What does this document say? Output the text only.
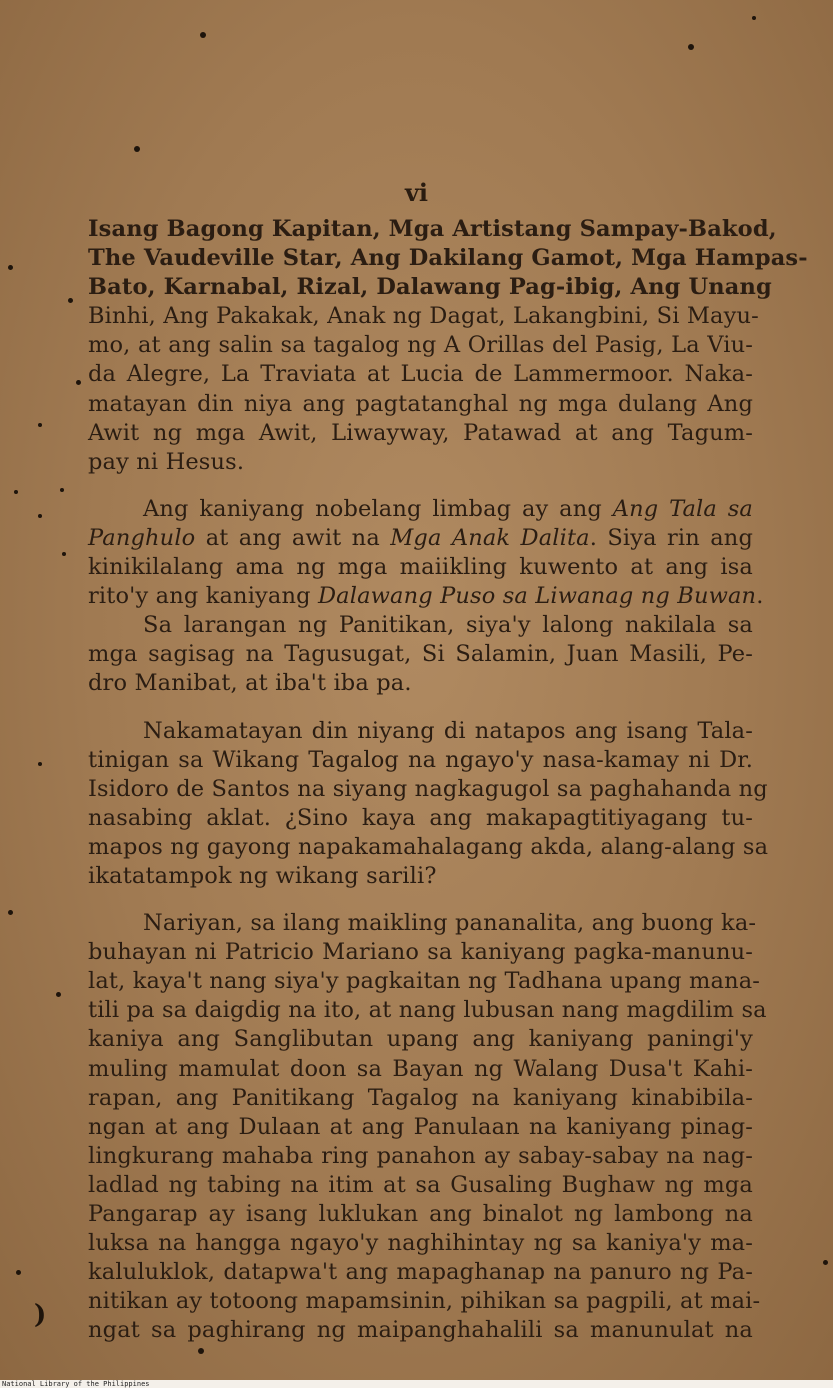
vi
Isang Bagong Kapitan, Mga Artistang Sampay-Bakod,
The Vaudeville Star, Ang Dakilang Gamot, Mga Hampas-
Bato, Karnabal, Rizal, Dalawang Pag-ibig, Ang Unang
Binhi, Ang Pakakak, Anak ng Dagat, Lakangbini, Si Mayu-
mo, at ang salin sa tagalog ng A Orillas del Pasig, La Viu-
da Alegre, La Traviata at Lucia de Lammermoor. Naka-
matayan din niya ang pagtatanghal ng mga dulang Ang
Awit ng mga Awit, Liwayway, Patawad at ang Tagum-
pay ni Hesus.
Ang kaniyang nobelang limbag ay ang Ang Tala sa
Panghulo at ang awit na Mga Anak Dalita. Siya rin ang
kinikilalang ama ng mga maiikling kuwento at ang isa
rito'y ang kaniyang Dalawang Puso sa Liwanag ng Buwan.
Sa larangan ng Panitikan, siya'y lalong nakilala sa
mga sagisag na Tagusugat, Si Salamin, Juan Masili, Pe-
dro Manibat, at iba't iba pa.
Nakamatayan din niyang di natapos ang isang Tala-
tinigan sa Wikang Tagalog na ngayo'y nasa-kamay ni Dr.
Isidoro de Santos na siyang nagkagugol sa paghahanda ng
nasabing aklat. ¿Sino kaya ang makapagtitiyagang tu-
mapos ng gayong napakamahalagang akda, alang-alang sa
ikatatampok ng wikang sarili?
Nariyan, sa ilang maikling pananalita, ang buong ka-
buhayan ni Patricio Mariano sa kaniyang pagka-manunu-
lat, kaya't nang siya'y pagkaitan ng Tadhana upang mana-
tili pa sa daigdig na ito, at nang lubusan nang magdilim sa
kaniya ang Sanglibutan upang ang kaniyang paningi'y
muling mamulat doon sa Bayan ng Walang Dusa't Kahi-
rapan, ang Panitikang Tagalog na kaniyang kinabibila-
ngan at ang Dulaan at ang Panulaan na kaniyang pinag-
lingkurang mahaba ring panahon ay sabay-sabay na nag-
ladlad ng tabing na itim at sa Gusaling Bughaw ng mga
Pangarap ay isang luklukan ang binalot ng lambong na
luksa na hangga ngayo'y naghihintay ng sa kaniya'y ma-
kaluluklok, datapwa't ang mapaghanap na panuro ng Pa-
nitikan ay totoong mapamsinin, pihikan sa pagpili, at mai-
ngat sa paghirang ng maipanghahalili sa manunulat na
)
National Library of the Philippines
